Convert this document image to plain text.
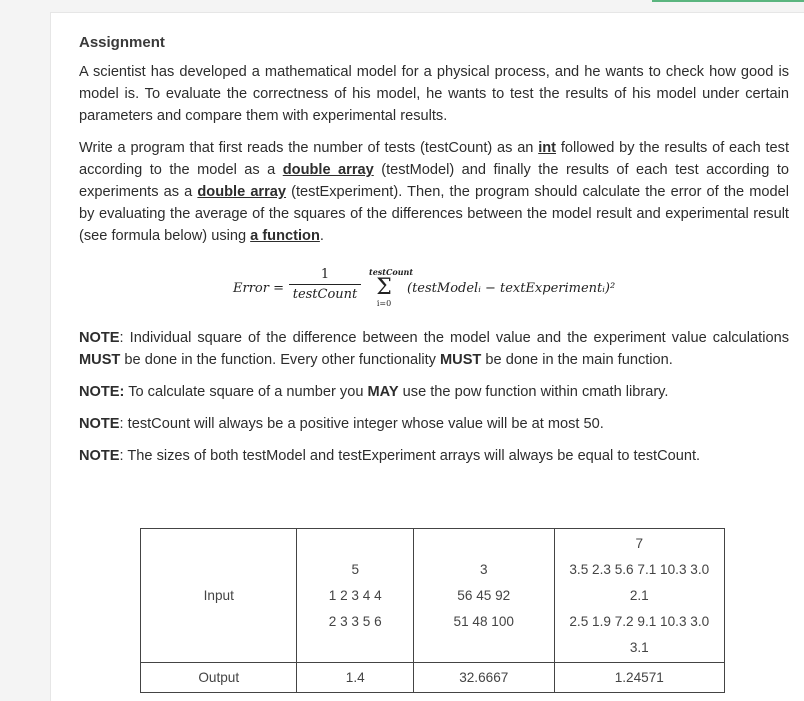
Assignment

A scientist has developed a mathematical model for a physical process, and he wants to check how good is model is. To evaluate the correctness of his model, he wants to test the results of his model under certain parameters and compare them with experimental results.

Write a program that first reads the number of tests (testCount) as an int followed by the results of each test according to the model as a double array (testModel) and finally the results of each test according to experiments as a double array (testExperiment). Then, the program should calculate the error of the model by evaluating the average of the squares of the differences between the model result and experimental result (see formula below) using a function.

Error =
1
testCount
testCount
Σ
i=0
(testModelᵢ − textExperimentᵢ)²

NOTE: Individual square of the difference between the model value and the experiment value calculations MUST be done in the function. Every other functionality MUST be done in the main function.

NOTE: To calculate square of a number you MAY use the pow function within cmath library.

NOTE: testCount will always be a positive integer whose value will be at most 50.

NOTE: The sizes of both testModel and testExperiment arrays will always be equal to testCount.

Input	5
1 2 3 4 4
2 3 3 5 6	3
56 45 92
51 48 100	7
3.5 2.3 5.6 7.1 10.3 3.0
2.1
2.5 1.9 7.2 9.1 10.3 3.0
3.1

Output	1.4	32.6667	1.24571
